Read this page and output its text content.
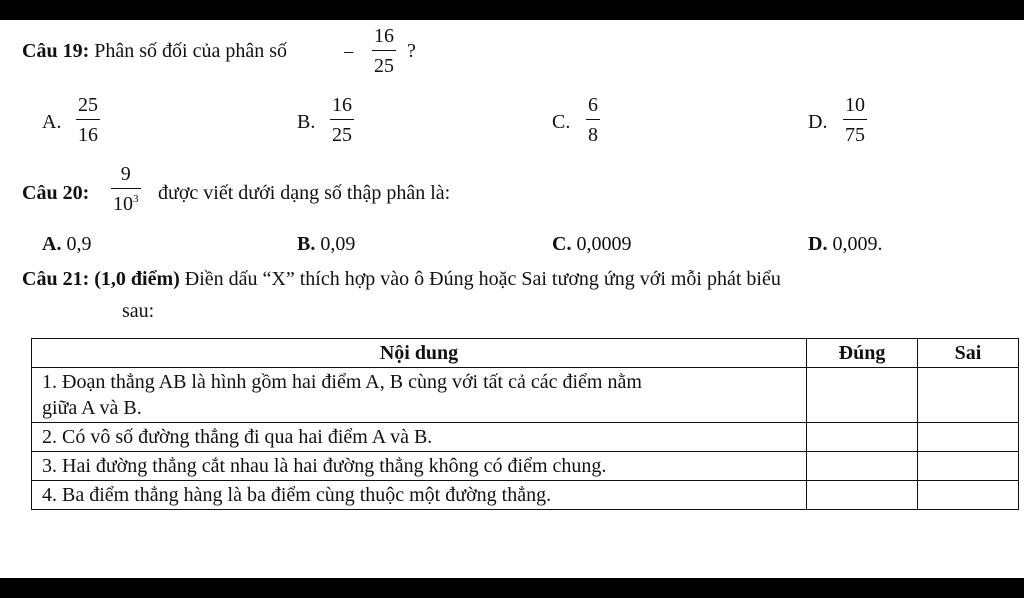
Câu 19: Phân số đối của phân số	−
16
25
?
A.
25
16
B.
16
25
C.
6
8
D.
10
75
Câu 20:
9
$10^3$ được viết dưới dạng số thập phân là:
A. 0,9	B. 0,09	C. 0,0009	D. 0,009.
Câu 21: (1,0 điểm) Điền dấu “X” thích hợp vào ô Đúng hoặc Sai tương ứng với mỗi phát biểu
sau:
Nội dung	Đúng	Sai

1. Đoạn thẳng AB là hình gồm hai điểm A, B cùng với tất cả các điểm nằm
giữa A và B.		

2. Có vô số đường thẳng đi qua hai điểm A và B.		
3. Hai đường thẳng cắt nhau là hai đường thẳng không có điểm chung.		
4. Ba điểm thẳng hàng là ba điểm cùng thuộc một đường thẳng.		
